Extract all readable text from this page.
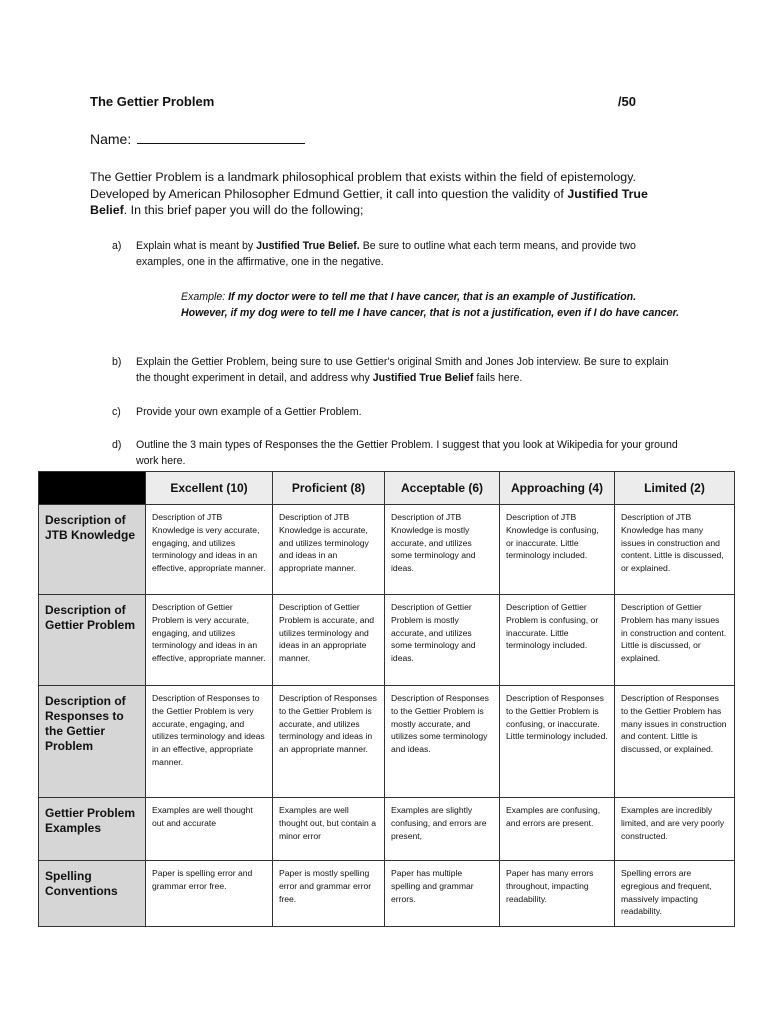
The Gettier Problem	/50
Name:
The Gettier Problem is a landmark philosophical problem that exists within the field of epistemology.
Developed by American Philosopher Edmund Gettier, it call into question the validity of Justified True
Belief. In this brief paper you will do the following;
a) Explain what is meant by Justified True Belief. Be sure to outline what each term means, and provide two examples, one in the affirmative, one in the negative.
Example: If my doctor were to tell me that I have cancer, that is an example of Justification. However, if my dog were to tell me I have cancer, that is not a justification, even if I do have cancer.
b) Explain the Gettier Problem, being sure to use Gettier's original Smith and Jones Job interview. Be sure to explain the thought experiment in detail, and address why Justified True Belief fails here.
c) Provide your own example of a Gettier Problem.
d) Outline the 3 main types of Responses the the Gettier Problem. I suggest that you look at Wikipedia for your ground work here.
	Excellent (10)	Proficient (8)	Acceptable (6)	Approaching (4)	Limited (2)
Description of JTB Knowledge	Description of JTB Knowledge is very accurate, engaging, and utilizes terminology and ideas in an effective, appropriate manner.	Description of JTB Knowledge is accurate, and utilizes terminology and ideas in an appropriate manner.	Description of JTB Knowledge is mostly accurate, and utilizes some terminology and ideas.	Description of JTB Knowledge is confusing, or inaccurate. Little terminology included.	Description of JTB Knowledge has many issues in construction and content. Little is discussed, or explained.
Description of Gettier Problem	Description of Gettier Problem is very accurate, engaging, and utilizes terminology and ideas in an effective, appropriate manner.	Description of Gettier Problem is accurate, and utilizes terminology and ideas in an appropriate manner.	Description of Gettier Problem is mostly accurate, and utilizes some terminology and ideas.	Description of Gettier Problem is confusing, or inaccurate. Little terminology included.	Description of Gettier Problem has many issues in construction and content. Little is discussed, or explained.
Description of Responses to the Gettier Problem	Description of Responses to the Gettier Problem is very accurate, engaging, and utilizes terminology and ideas in an effective, appropriate manner.	Description of Responses to the Gettier Problem is accurate, and utilizes terminology and ideas in an appropriate manner.	Description of Responses to the Gettier Problem is mostly accurate, and utilizes some terminology and ideas.	Description of Responses to the Gettier Problem is confusing, or inaccurate. Little terminology included.	Description of Responses to the Gettier Problem has many issues in construction and content. Little is discussed, or explained.
Gettier Problem Examples	Examples are well thought out and accurate	Examples are well thought out, but contain a minor error	Examples are slightly confusing, and errors are present,	Examples are confusing, and errors are present.	Examples are incredibly limited, and are very poorly constructed.
Spelling Conventions	Paper is spelling error and grammar error free.	Paper is mostly spelling error and grammar error free.	Paper has multiple spelling and grammar errors.	Paper has many errors throughout, impacting readability.	Spelling errors are egregious and frequent, massively impacting readability.
